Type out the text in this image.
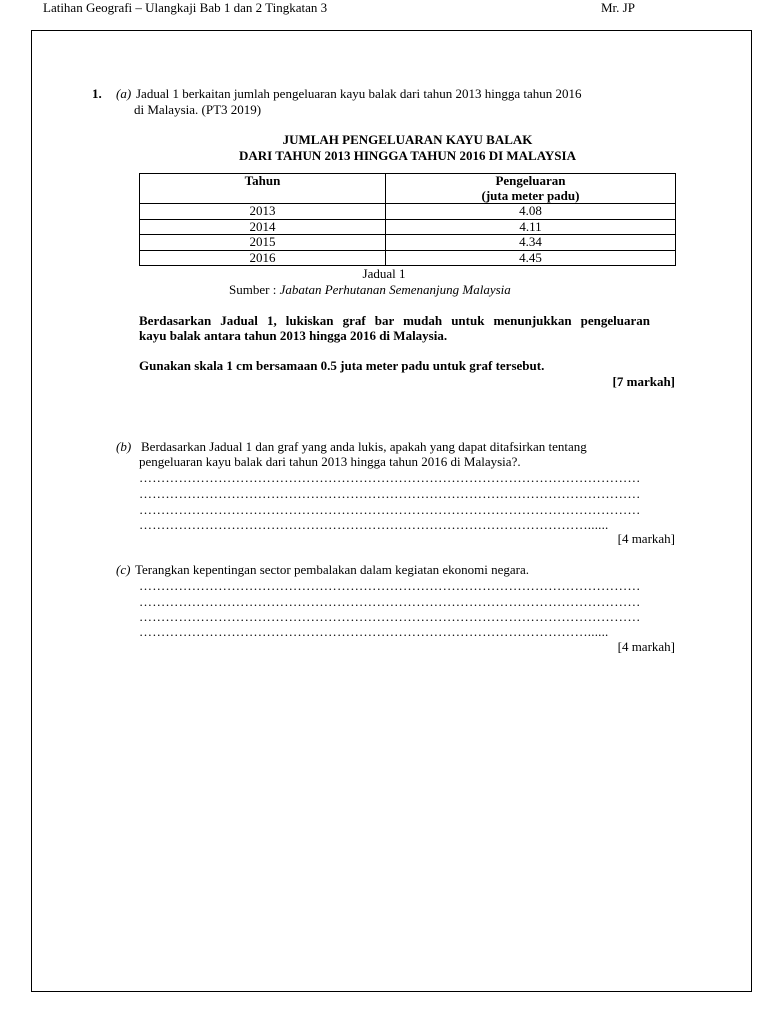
Latihan Geografi – Ulangkaji Bab 1 dan 2 Tingkatan 3	Mr. JP
1. (a) Jadual 1 berkaitan jumlah pengeluaran kayu balak dari tahun 2013 hingga tahun 2016
di Malaysia. (PT3 2019)
JUMLAH PENGELUARAN KAYU BALAK
DARI TAHUN 2013 HINGGA TAHUN 2016 DI MALAYSIA
Tahun	Pengeluaran
(juta meter padu)
2013	4.08
2014	4.11
2015	4.34
2016	4.45
Jadual 1
Sumber : Jabatan Perhutanan Semenanjung Malaysia
Berdasarkan Jadual 1, lukiskan graf bar mudah untuk menunjukkan pengeluaran
kayu balak antara tahun 2013 hingga 2016 di Malaysia.
Gunakan skala 1 cm bersamaan 0.5 juta meter padu untuk graf tersebut.
[7 markah]
(b) Berdasarkan Jadual 1 dan graf yang anda lukis, apakah yang dapat ditafsirkan tentang
pengeluaran kayu balak dari tahun 2013 hingga tahun 2016 di Malaysia?.
……………………………………………………………………………………………………
……………………………………………………………………………………………………
……………………………………………………………………………………………………
…………………………………………………………………………………………......
[4 markah]
(c) Terangkan kepentingan sector pembalakan dalam kegiatan ekonomi negara.
……………………………………………………………………………………………………
……………………………………………………………………………………………………
……………………………………………………………………………………………………
…………………………………………………………………………………………......
[4 markah]
